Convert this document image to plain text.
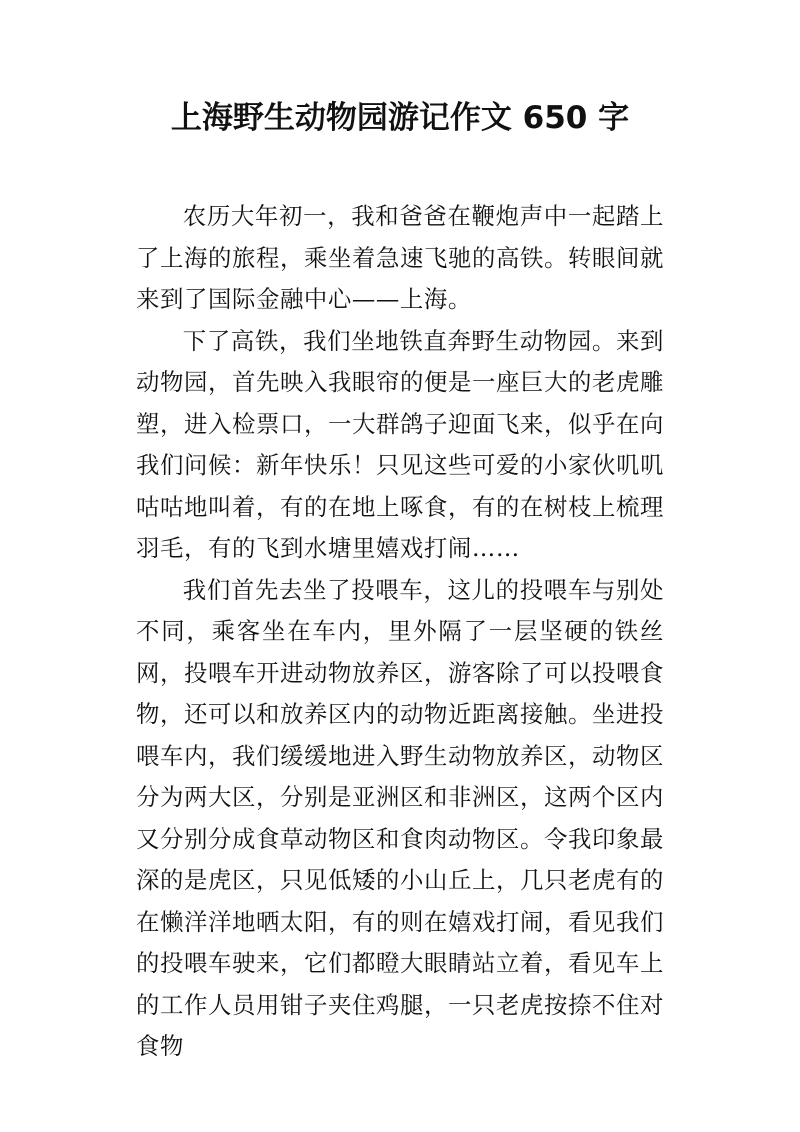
上海野生动物园游记作文 650 字

农历大年初一，我和爸爸在鞭炮声中一起踏上了上海的旅程，乘坐着急速飞驰的高铁。转眼间就来到了国际金融中心——上海。

下了高铁，我们坐地铁直奔野生动物园。来到动物园，首先映入我眼帘的便是一座巨大的老虎雕塑，进入检票口，一大群鸽子迎面飞来，似乎在向我们问候：新年快乐！只见这些可爱的小家伙叽叽咕咕地叫着，有的在地上啄食，有的在树枝上梳理羽毛，有的飞到水塘里嬉戏打闹……

我们首先去坐了投喂车，这儿的投喂车与别处不同，乘客坐在车内，里外隔了一层坚硬的铁丝网，投喂车开进动物放养区，游客除了可以投喂食物，还可以和放养区内的动物近距离接触。坐进投喂车内，我们缓缓地进入野生动物放养区，动物区分为两大区，分别是亚洲区和非洲区，这两个区内又分别分成食草动物区和食肉动物区。令我印象最深的是虎区，只见低矮的小山丘上，几只老虎有的在懒洋洋地晒太阳，有的则在嬉戏打闹，看见我们的投喂车驶来，它们都瞪大眼睛站立着，看见车上的工作人员用钳子夹住鸡腿，一只老虎按捺不住对食物
